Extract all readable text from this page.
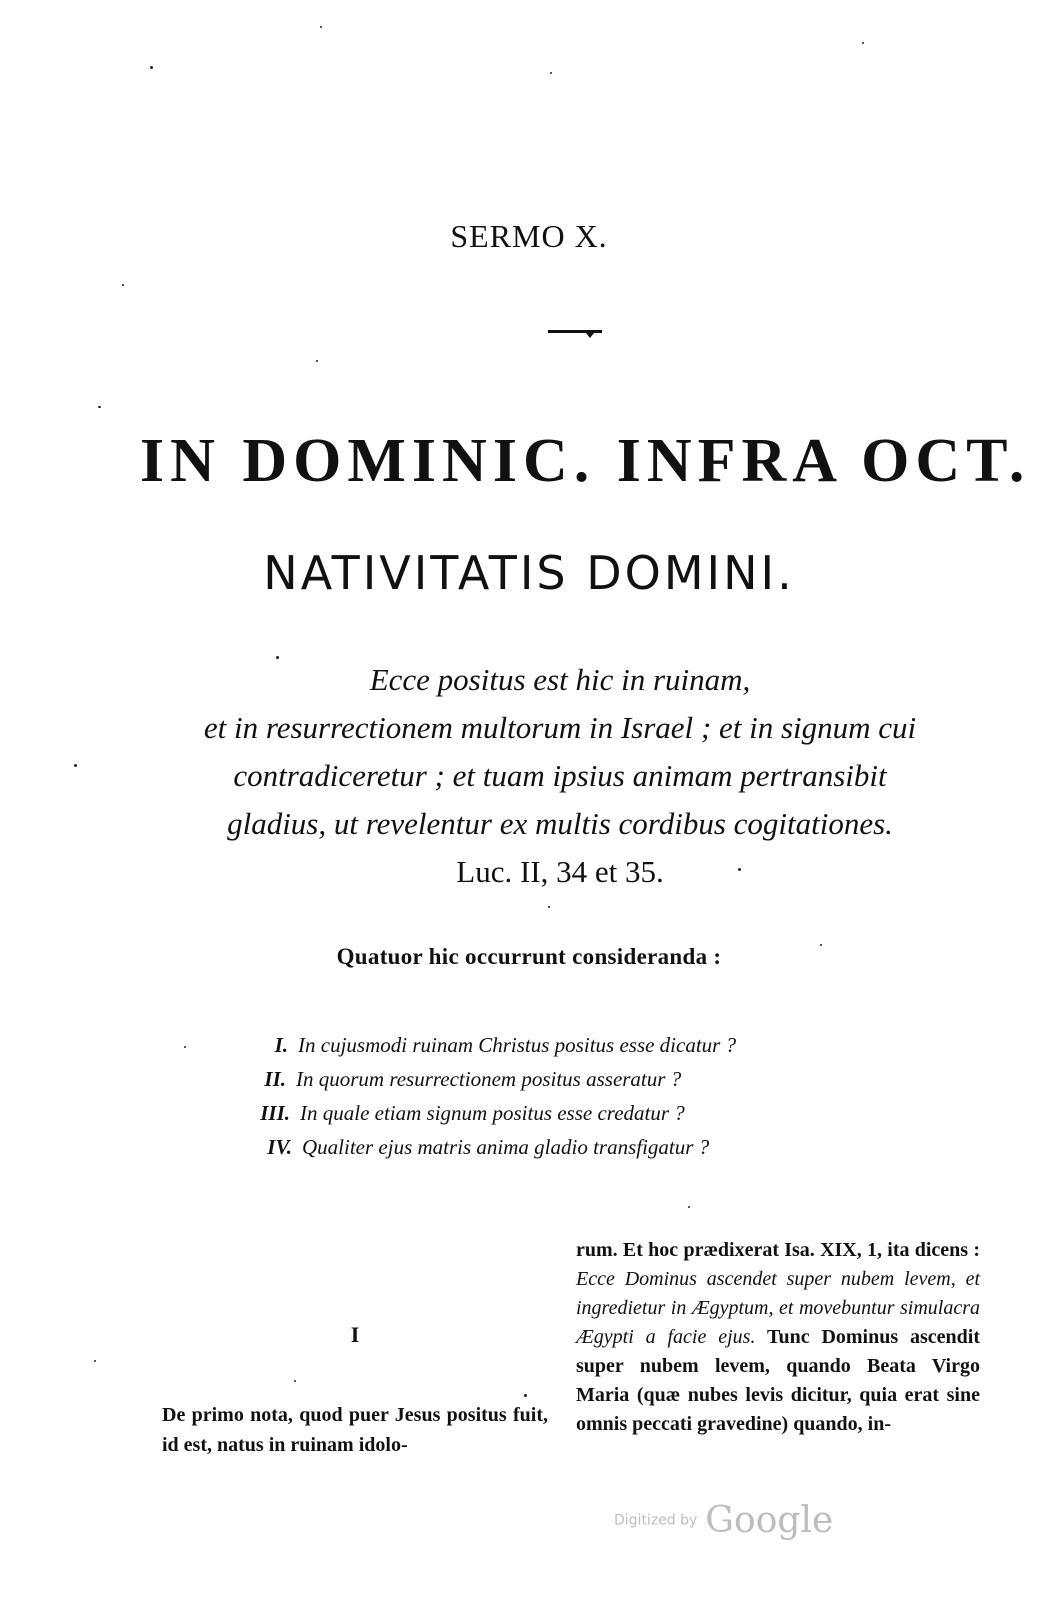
SERMO X.
IN DOMINIC. INFRA OCT.
NATIVITATIS DOMINI.
Ecce positus est hic in ruinam,
et in resurrectionem multorum in Israel ; et in signum cui
contradiceretur ; et tuam ipsius animam pertransibit
gladius, ut revelentur ex multis cordibus cogitationes.
Luc. II, 34 et 35.
Quatuor hic occurrunt consideranda :
I. In cujusmodi ruinam Christus positus esse dicatur ?
II. In quorum resurrectionem positus asseratur ?
III. In quale etiam signum positus esse credatur ?
IV. Qualiter ejus matris anima gladio transfigatur ?
I

De primo nota, quod puer Jesus positus fuit, id est, natus in ruinam idolo-

rum. Et hoc prædixerat Isa. XIX, 1, ita dicens : Ecce Dominus ascendet super nubem levem, et ingredietur in Ægyptum, et movebuntur simulacra Ægypti a facie ejus. Tunc Dominus ascendit super nubem levem, quando Beata Virgo Maria (quæ nubes levis dicitur, quia erat sine omnis peccati gravedine) quando, in-

Digitized by Google
